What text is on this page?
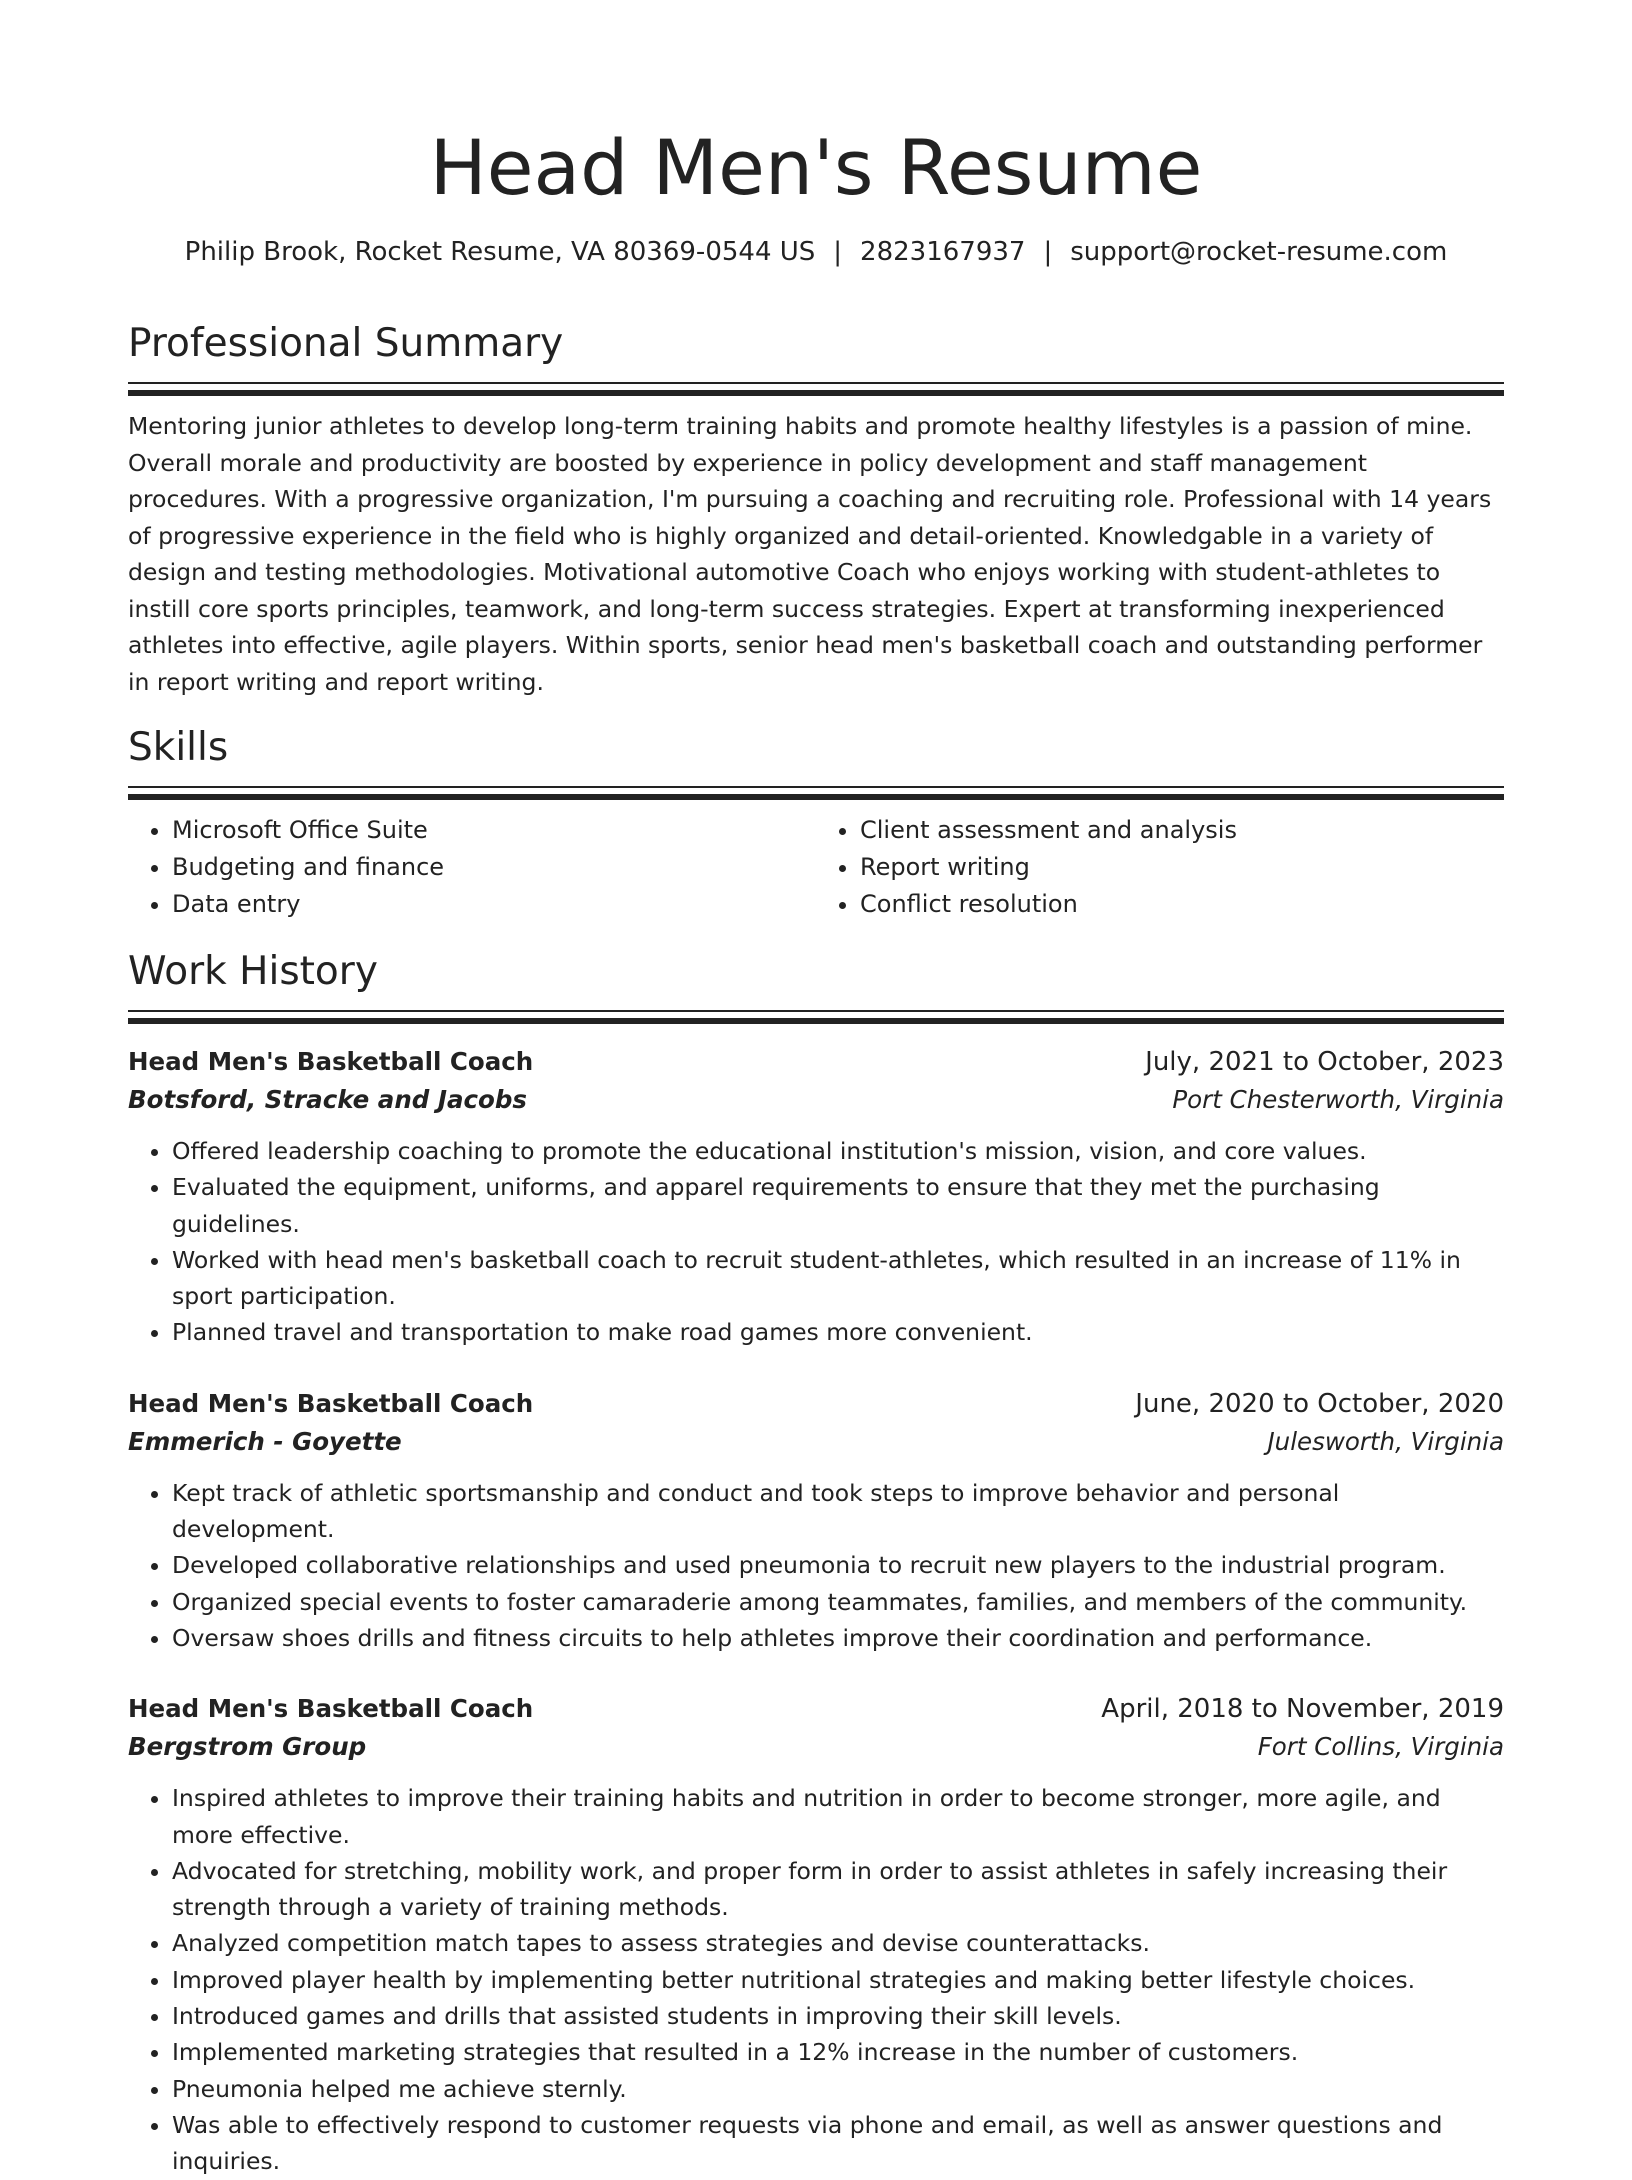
Head Men's Resume
Philip Brook, Rocket Resume, VA 80369-0544 US | 2823167937 | support@rocket-resume.com
Professional Summary

Mentoring junior athletes to develop long-term training habits and promote healthy lifestyles is a passion of mine. Overall morale and productivity are boosted by experience in policy development and staff management procedures. With a progressive organization, I'm pursuing a coaching and recruiting role. Professional with 14 years of progressive experience in the field who is highly organized and detail-oriented. Knowledgable in a variety of design and testing methodologies. Motivational automotive Coach who enjoys working with student-athletes to instill core sports principles, teamwork, and long-term success strategies. Expert at transforming inexperienced athletes into effective, agile players. Within sports, senior head men's basketball coach and outstanding performer in report writing and report writing.

Skills
• Microsoft Office Suite
• Budgeting and finance
• Data entry
• Client assessment and analysis
• Report writing
• Conflict resolution
Work History
Head Men's Basketball Coach	July, 2021 to October, 2023
Botsford, Stracke and Jacobs	Port Chesterworth, Virginia
• Offered leadership coaching to promote the educational institution's mission, vision, and core values.
• Evaluated the equipment, uniforms, and apparel requirements to ensure that they met the purchasing guidelines.
• Worked with head men's basketball coach to recruit student-athletes, which resulted in an increase of 11% in sport participation.
• Planned travel and transportation to make road games more convenient.
Head Men's Basketball Coach	June, 2020 to October, 2020
Emmerich - Goyette	Julesworth, Virginia
• Kept track of athletic sportsmanship and conduct and took steps to improve behavior and personal development.
• Developed collaborative relationships and used pneumonia to recruit new players to the industrial program.
• Organized special events to foster camaraderie among teammates, families, and members of the community.
• Oversaw shoes drills and fitness circuits to help athletes improve their coordination and performance.
Head Men's Basketball Coach	April, 2018 to November, 2019
Bergstrom Group	Fort Collins, Virginia
• Inspired athletes to improve their training habits and nutrition in order to become stronger, more agile, and more effective.
• Advocated for stretching, mobility work, and proper form in order to assist athletes in safely increasing their strength through a variety of training methods.
• Analyzed competition match tapes to assess strategies and devise counterattacks.
• Improved player health by implementing better nutritional strategies and making better lifestyle choices.
• Introduced games and drills that assisted students in improving their skill levels.
• Implemented marketing strategies that resulted in a 12% increase in the number of customers.
• Pneumonia helped me achieve sternly.
• Was able to effectively respond to customer requests via phone and email, as well as answer questions and inquiries.
